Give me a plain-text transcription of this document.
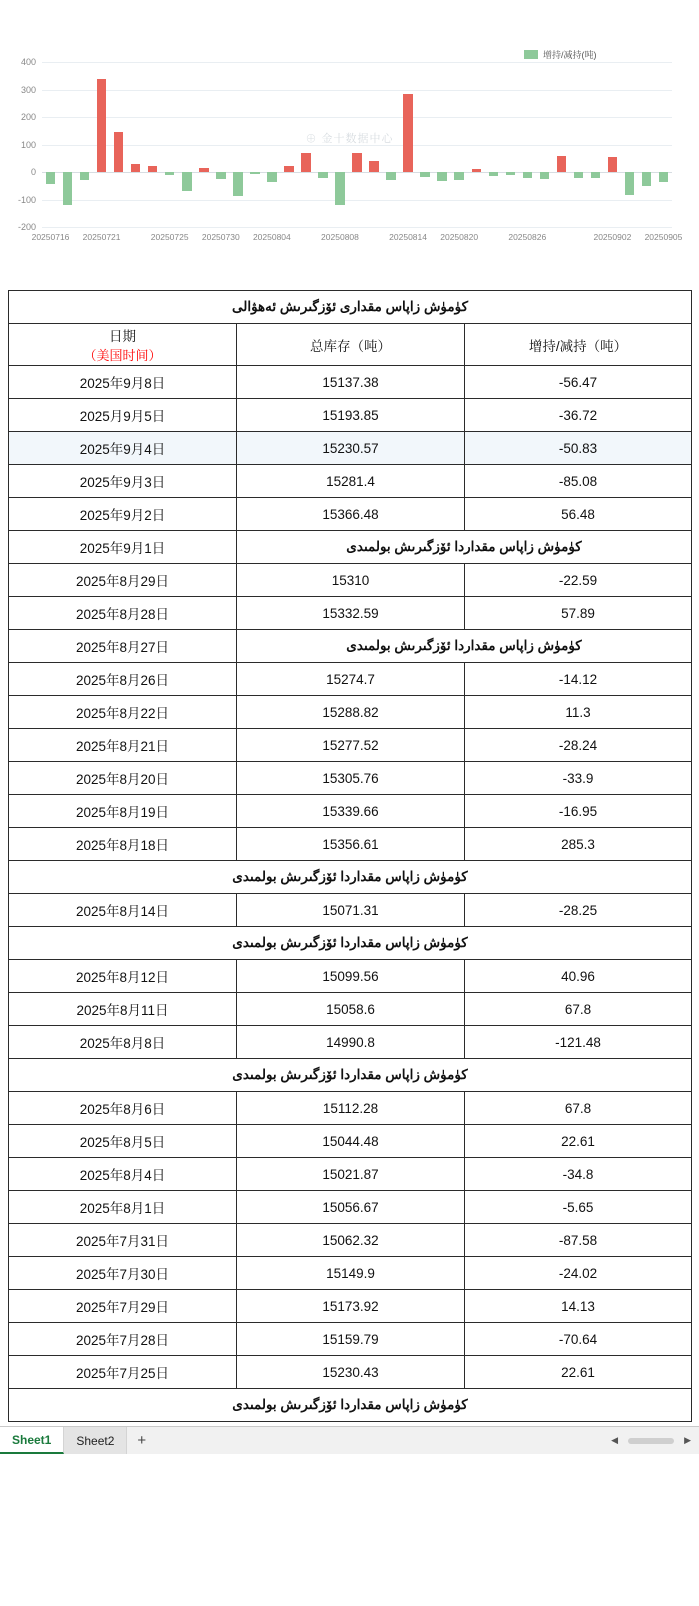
增持/减持(吨)
400
300
200
100
0
-100
-200
20250716 20250721	20250725 20250730 20250804	20250808	20250814 20250820	20250826	20250902 20250905
⊕ 金十数据中心
كۈمۈش زاپاس مقدارى ئۆزگىرىش ئەھۋالى		

日期
（美国时间）	总库存（吨）	增持/减持（吨）

2025年9月8日	15137.38	‑56.47
2025月9月5日	15193.85	‑36.72
2025年9月4日	15230.57	-50.83
2025年9月3日	15281.4	‑85.08
2025年9月2日	15366.48	56.48
2025年9月1日	كۈمۈش زاپاس مقداردا ئۆزگىرىش بولمىدى	
2025年8月29日	15310	‑22.59
2025年8月28日	15332.59	57.89
2025年8月27日	كۈمۈش زاپاس مقداردا ئۆزگىرىش بولمىدى	
2025年8月26日	15274.7	‑14.12
2025年8月22日	15288.82	11.3
2025年8月21日	15277.52	‑28.24
2025年8月20日	15305.76	‑33.9
2025年8月19日	15339.66	‑16.95
2025年8月18日	15356.61	285.3
كۈمۈش زاپاس مقداردا ئۆزگىرىش بولمىدى		
2025年8月14日	15071.31	‑28.25
كۈمۈش زاپاس مقداردا ئۆزگىرىش بولمىدى		
2025年8月12日	15099.56	40.96
2025年8月11日	15058.6	67.8
2025年8月8日	14990.8	‑121.48
كۈمۈش زاپاس مقداردا ئۆزگىرىش بولمىدى		
2025年8月6日	15112.28	67.8
2025年8月5日	15044.48	22.61
2025年8月4日	15021.87	‑34.8
2025年8月1日	15056.67	‑5.65
2025年7月31日	15062.32	‑87.58
2025年7月30日	15149.9	‑24.02
2025年7月29日	15173.92	14.13
2025年7月28日	15159.79	‑70.64
2025年7月25日	15230.43	22.61
كۈمۈش زاپاس مقداردا ئۆزگىرىش بولمىدى		
Sheet1	Sheet2	+	◀	▶
